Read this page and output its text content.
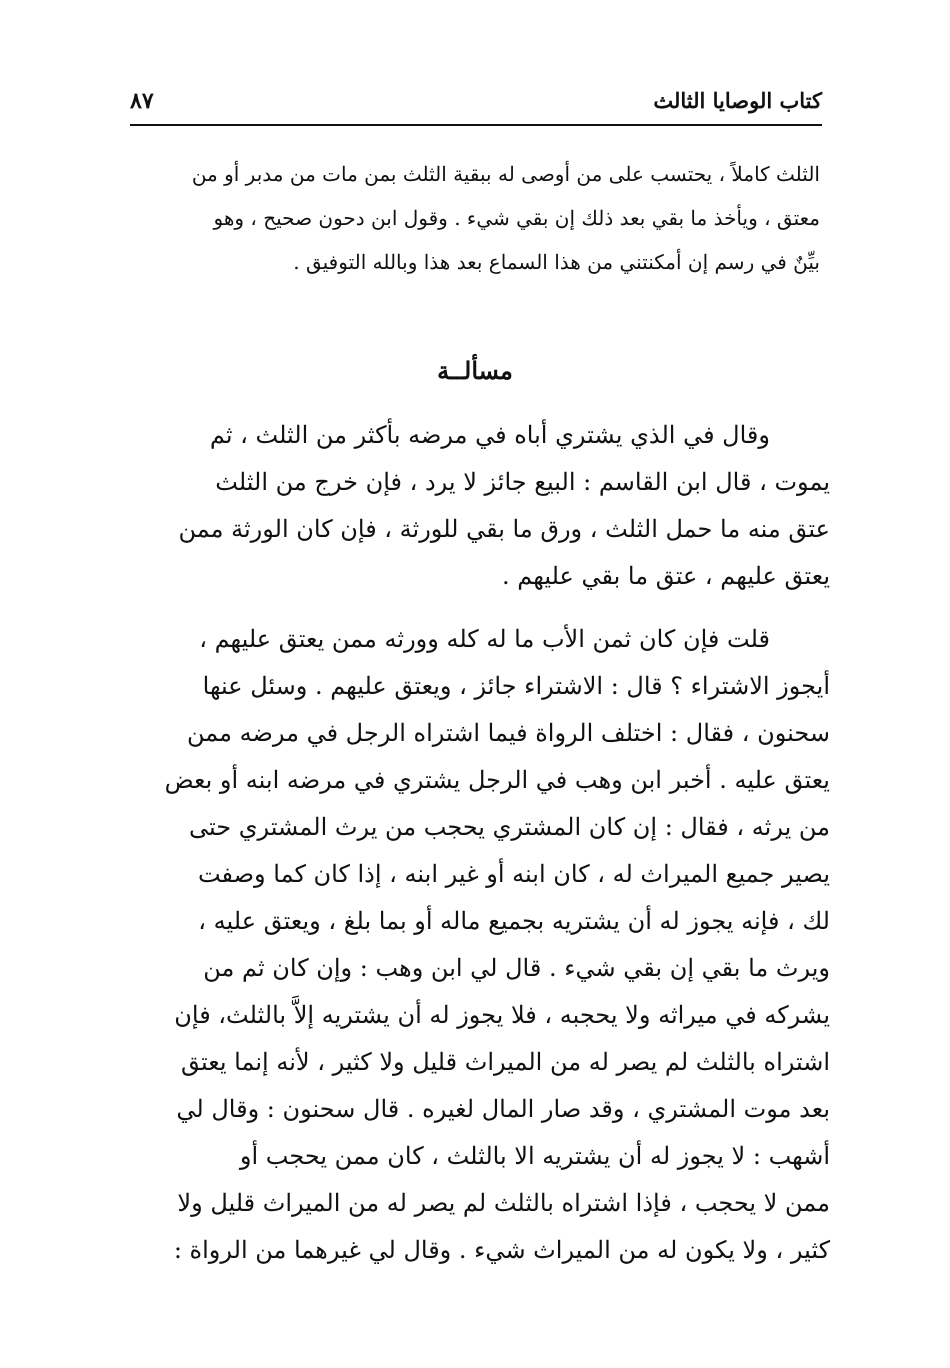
كتاب الوصايا الثالث
٨٧
الثلث كاملاً ، يحتسب على من أوصى له ببقية الثلث بمن مات من مدبر أو من
معتق ، ويأخذ ما بقي بعد ذلك إن بقي شيء . وقول ابن دحون صحيح ، وهو
بيِّنٌ في رسم إن أمكنتني من هذا السماع بعد هذا وبالله التوفيق .
مسألــة
وقال في الذي يشتري أباه في مرضه بأكثر من الثلث ، ثم
يموت ، قال ابن القاسم : البيع جائز لا يرد ، فإن خرج من الثلث
عتق منه ما حمل الثلث ، ورق ما بقي للورثة ، فإن كان الورثة ممن
يعتق عليهم ، عتق ما بقي عليهم .
قلت فإن كان ثمن الأب ما له كله وورثه ممن يعتق عليهم ،
أيجوز الاشتراء ؟ قال : الاشتراء جائز ، ويعتق عليهم . وسئل عنها
سحنون ، فقال : اختلف الرواة فيما اشتراه الرجل في مرضه ممن
يعتق عليه . أخبر ابن وهب في الرجل يشتري في مرضه ابنه أو بعض
من يرثه ، فقال : إن كان المشتري يحجب من يرث المشتري حتى
يصير جميع الميراث له ، كان ابنه أو غير ابنه ، إذا كان كما وصفت
لك ، فإنه يجوز له أن يشتريه بجميع ماله أو بما بلغ ، ويعتق عليه ،
ويرث ما بقي إن بقي شيء . قال لي ابن وهب : وإن كان ثم من
يشركه في ميراثه ولا يحجبه ، فلا يجوز له أن يشتريه إلاَّ بالثلث، فإن
اشتراه بالثلث لم يصر له من الميراث قليل ولا كثير ، لأنه إنما يعتق
بعد موت المشتري ، وقد صار المال لغيره . قال سحنون : وقال لي
أشهب : لا يجوز له أن يشتريه الا بالثلث ، كان ممن يحجب أو
ممن لا يحجب ، فإذا اشتراه بالثلث لم يصر له من الميراث قليل ولا
كثير ، ولا يكون له من الميراث شيء . وقال لي غيرهما من الرواة :
